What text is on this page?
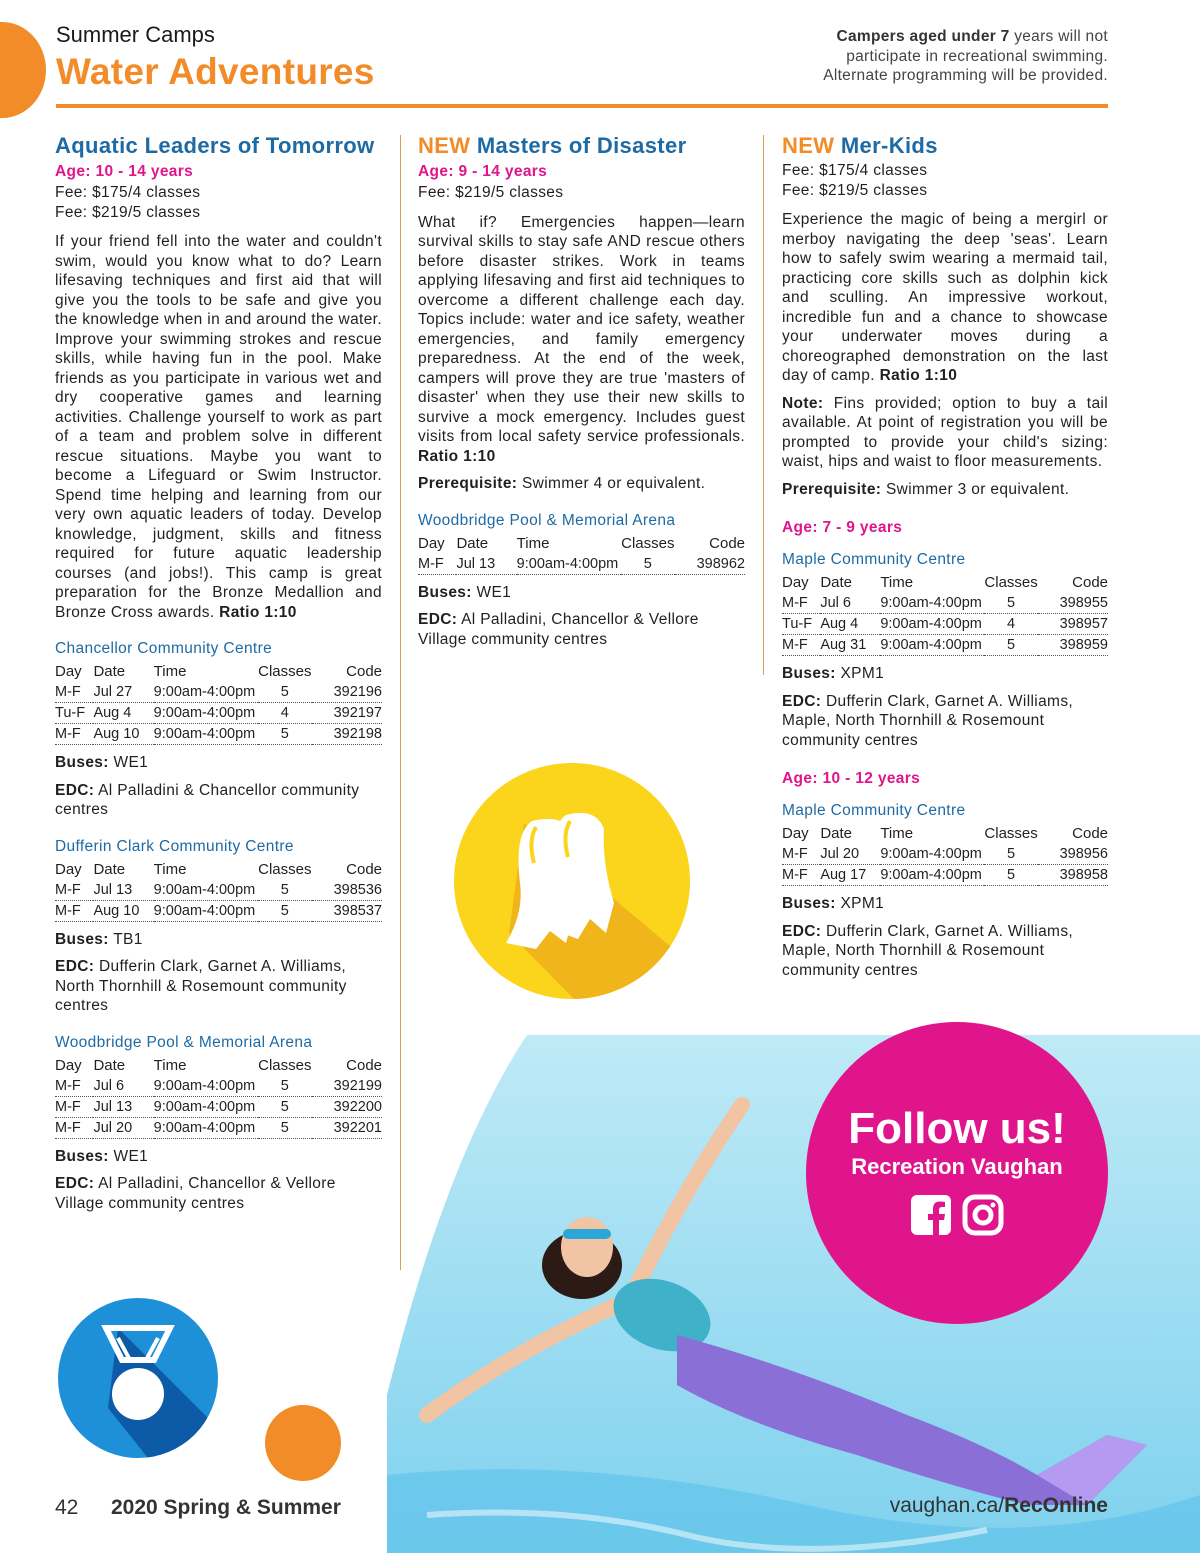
Summer Camps
Water Adventures
Campers aged under 7 years will not
participate in recreational swimming.
Alternate programming will be provided.
Aquatic Leaders of Tomorrow
Age: 10 - 14 years
Fee: $175/4 classes
Fee: $219/5 classes
If your friend fell into the water and couldn't swim, would you know what to do? Learn lifesaving techniques and first aid that will give you the tools to be safe and give you the knowledge when in and around the water. Improve your swimming strokes and rescue skills, while having fun in the pool. Make friends as you participate in various wet and dry cooperative games and learning activities. Challenge yourself to work as part of a team and problem solve in different rescue situations. Maybe you want to become a Lifeguard or Swim Instructor. Spend time helping and learning from our very own aquatic leaders of today. Develop knowledge, judgment, skills and fitness required for future aquatic leadership courses (and jobs!). This camp is great preparation for the Bronze Medallion and Bronze Cross awards. Ratio 1:10
Chancellor Community Centre
Day	Date	Time	Classes	Code
M-F	Jul 27	9:00am-4:00pm	5	392196
Tu-F	Aug 4	9:00am-4:00pm	4	392197
M-F	Aug 10	9:00am-4:00pm	5	392198
Buses: WE1
EDC: Al Palladini & Chancellor community centres
Dufferin Clark Community Centre
Day	Date	Time	Classes	Code
M-F	Jul 13	9:00am-4:00pm	5	398536
M-F	Aug 10	9:00am-4:00pm	5	398537
Buses: TB1
EDC: Dufferin Clark, Garnet A. Williams, North Thornhill & Rosemount community centres
Woodbridge Pool & Memorial Arena
Day	Date	Time	Classes	Code
M-F	Jul 6	9:00am-4:00pm	5	392199
M-F	Jul 13	9:00am-4:00pm	5	392200
M-F	Jul 20	9:00am-4:00pm	5	392201
Buses: WE1
EDC: Al Palladini, Chancellor & Vellore Village community centres
NEW Masters of Disaster
Age: 9 - 14 years
Fee: $219/5 classes
What if? Emergencies happen—learn survival skills to stay safe AND rescue others before disaster strikes. Work in teams applying lifesaving and first aid techniques to overcome a different challenge each day. Topics include: water and ice safety, weather emergencies, and family emergency preparedness. At the end of the week, campers will prove they are true 'masters of disaster' when they use their new skills to survive a mock emergency. Includes guest visits from local safety service professionals. Ratio 1:10
Prerequisite: Swimmer 4 or equivalent.
Woodbridge Pool & Memorial Arena
Day	Date	Time	Classes	Code
M-F	Jul 13	9:00am-4:00pm	5	398962
Buses: WE1
EDC: Al Palladini, Chancellor & Vellore Village community centres
NEW Mer-Kids
Fee: $175/4 classes
Fee: $219/5 classes
Experience the magic of being a mergirl or merboy navigating the deep 'seas'. Learn how to safely swim wearing a mermaid tail, practicing core skills such as dolphin kick and sculling. An impressive workout, incredible fun and a chance to showcase your underwater moves during a choreographed demonstration on the last day of camp. Ratio 1:10
Note: Fins provided; option to buy a tail available. At point of registration you will be prompted to provide your child's sizing: waist, hips and waist to floor measurements.
Prerequisite: Swimmer 3 or equivalent.
Age: 7 - 9 years
Maple Community Centre
Day	Date	Time	Classes	Code
M-F	Jul 6	9:00am-4:00pm	5	398955
Tu-F	Aug 4	9:00am-4:00pm	4	398957
M-F	Aug 31	9:00am-4:00pm	5	398959
Buses: XPM1
EDC: Dufferin Clark, Garnet A. Williams, Maple, North Thornhill & Rosemount community centres
Age: 10 - 12 years
Maple Community Centre
Day	Date	Time	Classes	Code
M-F	Jul 20	9:00am-4:00pm	5	398956
M-F	Aug 17	9:00am-4:00pm	5	398958
Buses: XPM1
EDC: Dufferin Clark, Garnet A. Williams, Maple, North Thornhill & Rosemount community centres
Follow us!
Recreation Vaughan
42 2020 Spring & Summer	vaughan.ca/RecOnline
